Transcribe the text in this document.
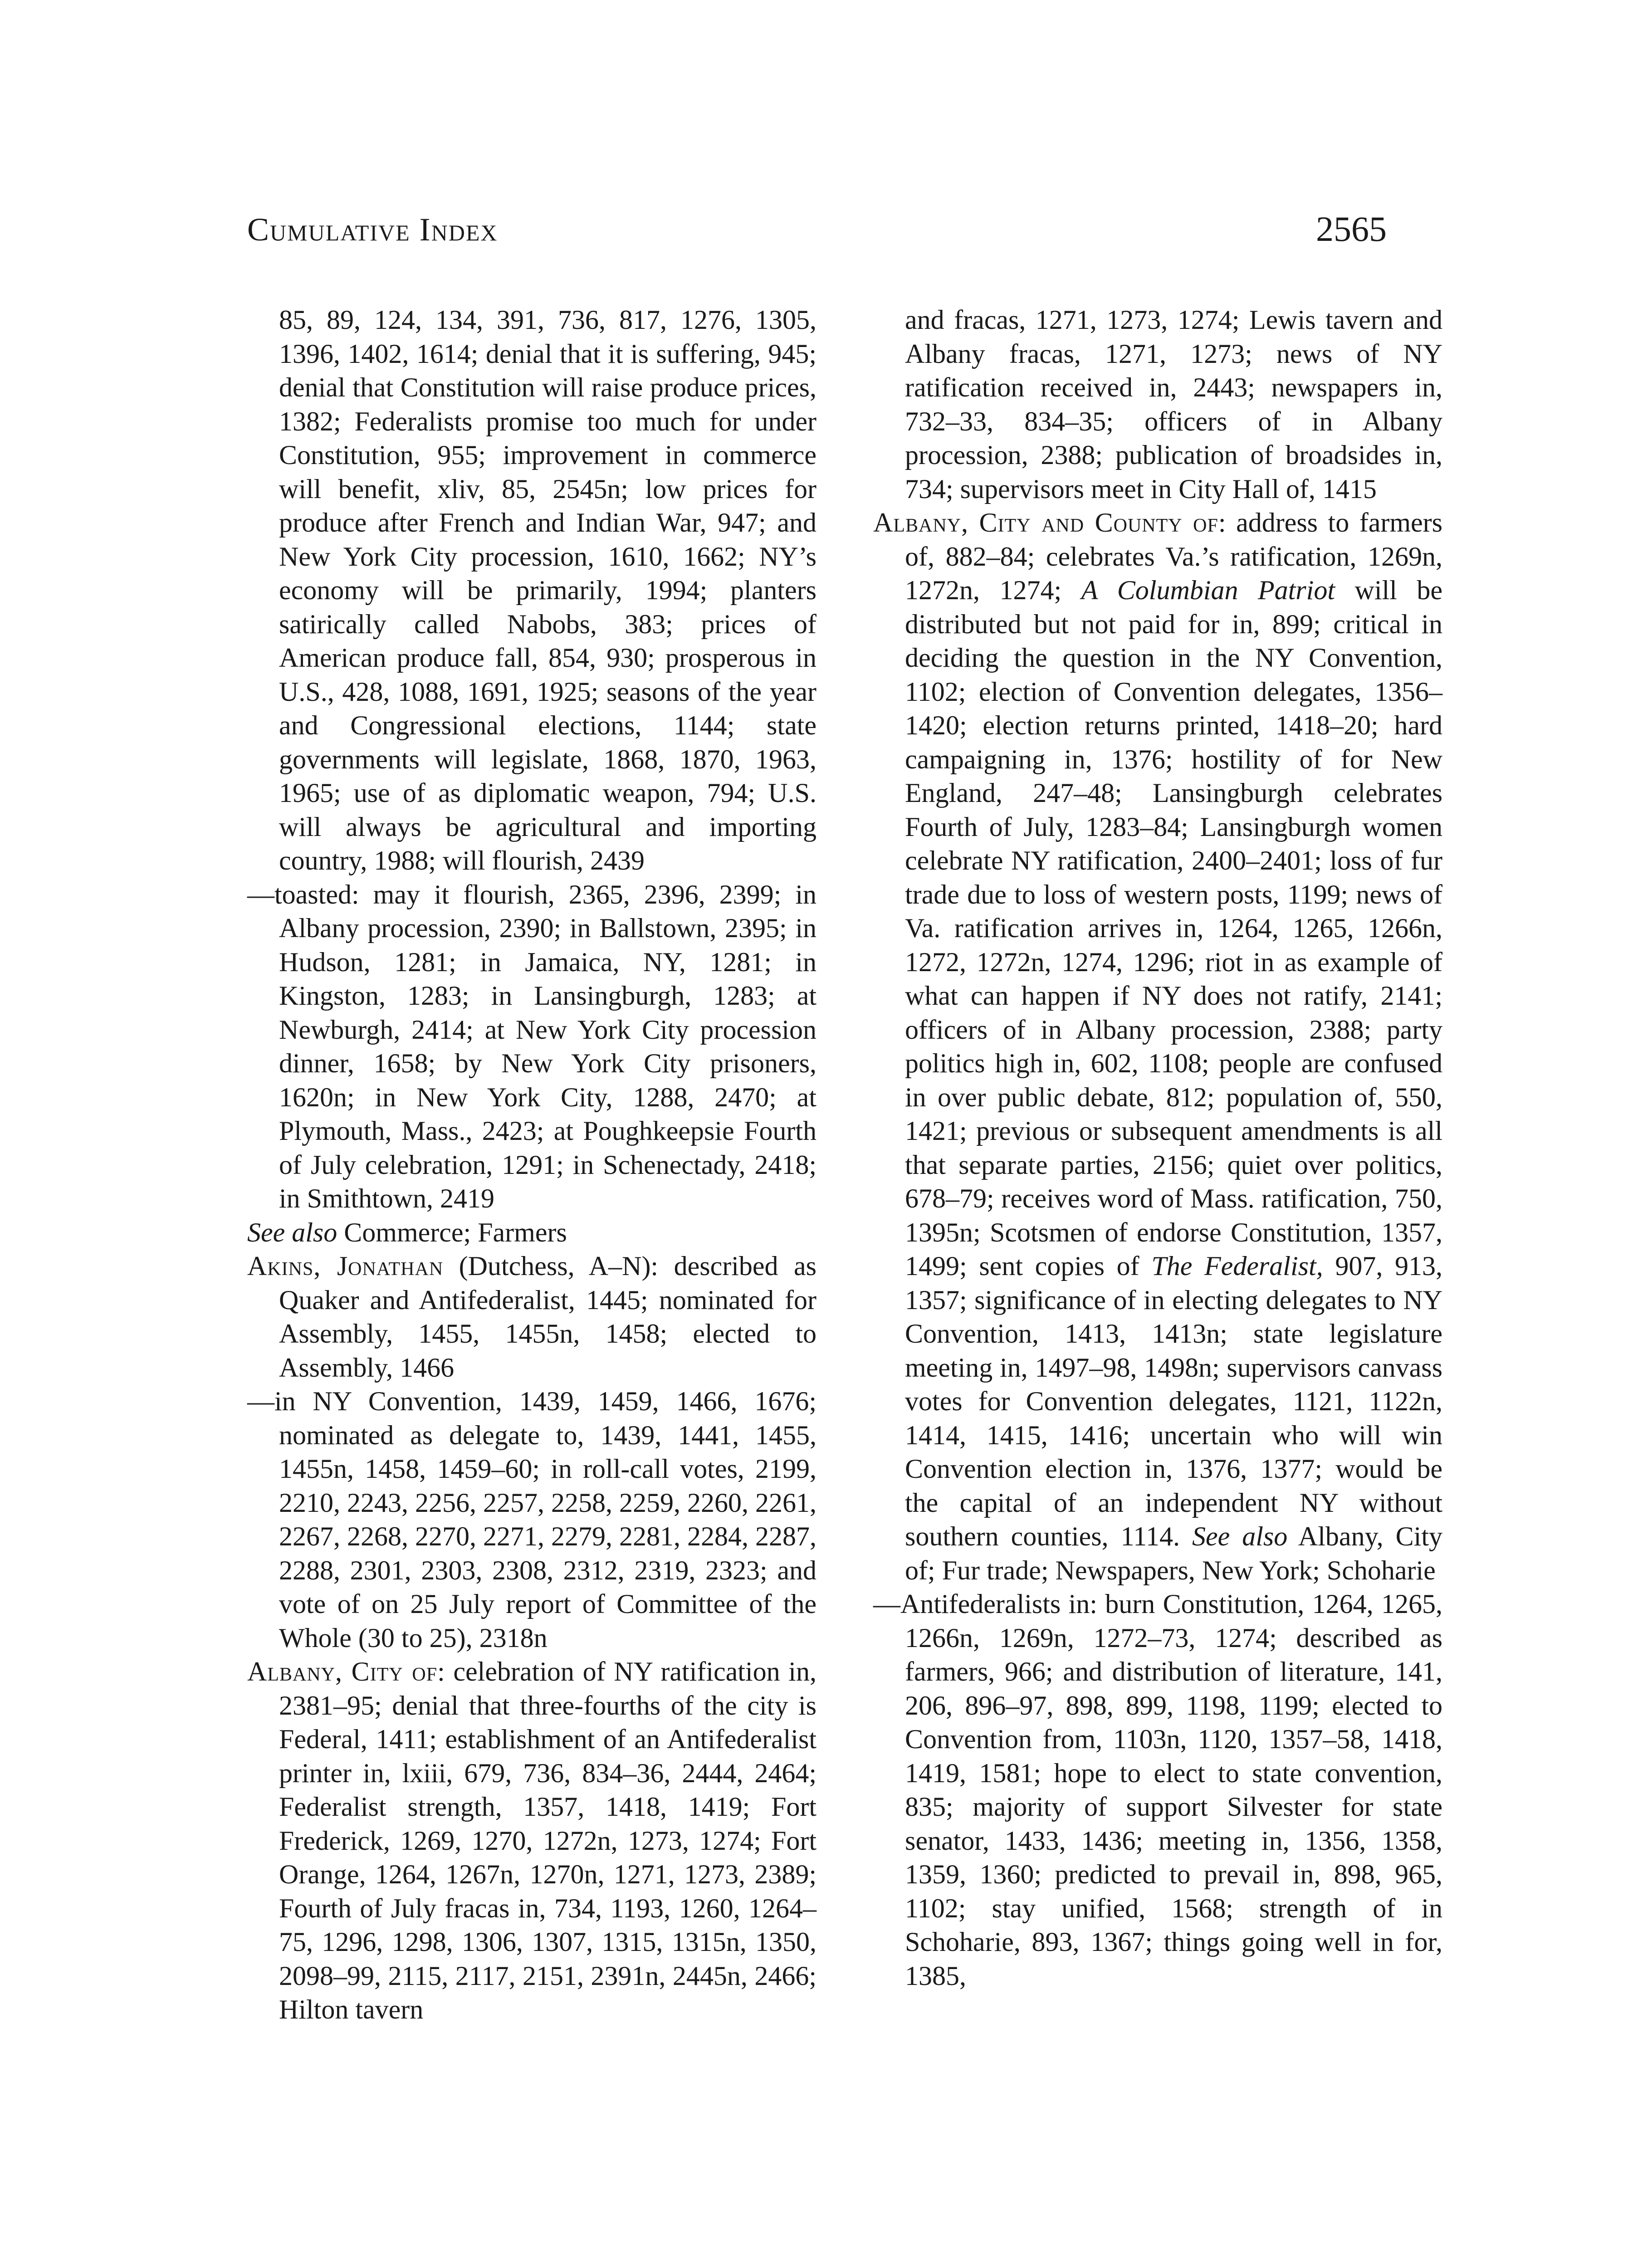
Cumulative Index	2565

85, 89, 124, 134, 391, 736, 817, 1276, 1305, 1396, 1402, 1614; denial that it is suffering, 945; denial that Constitution will raise produce prices, 1382; Federalists promise too much for under Constitution, 955; improvement in commerce will benefit, xliv, 85, 2545n; low prices for produce after French and Indian War, 947; and New York City procession, 1610, 1662; NY’s economy will be primarily, 1994; planters satirically called Nabobs, 383; prices of American produce fall, 854, 930; prosperous in U.S., 428, 1088, 1691, 1925; seasons of the year and Congressional elections, 1144; state governments will legislate, 1868, 1870, 1963, 1965; use of as diplomatic weapon, 794; U.S. will always be agricultural and importing country, 1988; will flourish, 2439

—toasted: may it flourish, 2365, 2396, 2399; in Albany procession, 2390; in Ballstown, 2395; in Hudson, 1281; in Jamaica, NY, 1281; in Kingston, 1283; in Lansingburgh, 1283; at Newburgh, 2414; at New York City procession dinner, 1658; by New York City prisoners, 1620n; in New York City, 1288, 2470; at Plymouth, Mass., 2423; at Poughkeepsie Fourth of July celebration, 1291; in Schenectady, 2418; in Smithtown, 2419

See also Commerce; Farmers

Akins, Jonathan (Dutchess, A–N): described as Quaker and Antifederalist, 1445; nominated for Assembly, 1455, 1455n, 1458; elected to Assembly, 1466

—in NY Convention, 1439, 1459, 1466, 1676; nominated as delegate to, 1439, 1441, 1455, 1455n, 1458, 1459–60; in roll-call votes, 2199, 2210, 2243, 2256, 2257, 2258, 2259, 2260, 2261, 2267, 2268, 2270, 2271, 2279, 2281, 2284, 2287, 2288, 2301, 2303, 2308, 2312, 2319, 2323; and vote of on 25 July report of Committee of the Whole (30 to 25), 2318n

Albany, City of: celebration of NY ratification in, 2381–95; denial that three-fourths of the city is Federal, 1411; establishment of an Antifederalist printer in, lxiii, 679, 736, 834–36, 2444, 2464; Federalist strength, 1357, 1418, 1419; Fort Frederick, 1269, 1270, 1272n, 1273, 1274; Fort Orange, 1264, 1267n, 1270n, 1271, 1273, 2389; Fourth of July fracas in, 734, 1193, 1260, 1264–75, 1296, 1298, 1306, 1307, 1315, 1315n, 1350, 2098–99, 2115, 2117, 2151, 2391n, 2445n, 2466; Hilton tavern

and fracas, 1271, 1273, 1274; Lewis tavern and Albany fracas, 1271, 1273; news of NY ratification received in, 2443; newspapers in, 732–33, 834–35; officers of in Albany procession, 2388; publication of broadsides in, 734; supervisors meet in City Hall of, 1415

Albany, City and County of: address to farmers of, 882–84; celebrates Va.’s ratification, 1269n, 1272n, 1274; A Columbian Patriot will be distributed but not paid for in, 899; critical in deciding the question in the NY Convention, 1102; election of Convention delegates, 1356–1420; election returns printed, 1418–20; hard campaigning in, 1376; hostility of for New England, 247–48; Lansingburgh celebrates Fourth of July, 1283–84; Lansingburgh women celebrate NY ratification, 2400–2401; loss of fur trade due to loss of western posts, 1199; news of Va. ratification arrives in, 1264, 1265, 1266n, 1272, 1272n, 1274, 1296; riot in as example of what can happen if NY does not ratify, 2141; officers of in Albany procession, 2388; party politics high in, 602, 1108; people are confused in over public debate, 812; population of, 550, 1421; previous or subsequent amendments is all that separate parties, 2156; quiet over politics, 678–79; receives word of Mass. ratification, 750, 1395n; Scotsmen of endorse Constitution, 1357, 1499; sent copies of The Federalist, 907, 913, 1357; significance of in electing delegates to NY Convention, 1413, 1413n; state legislature meeting in, 1497–98, 1498n; supervisors canvass votes for Convention delegates, 1121, 1122n, 1414, 1415, 1416; uncertain who will win Convention election in, 1376, 1377; would be the capital of an independent NY without southern counties, 1114. See also Albany, City of; Fur trade; Newspapers, New York; Schoharie

—Antifederalists in: burn Constitution, 1264, 1265, 1266n, 1269n, 1272–73, 1274; described as farmers, 966; and distribution of literature, 141, 206, 896–97, 898, 899, 1198, 1199; elected to Convention from, 1103n, 1120, 1357–58, 1418, 1419, 1581; hope to elect to state convention, 835; majority of support Silvester for state senator, 1433, 1436; meeting in, 1356, 1358, 1359, 1360; predicted to prevail in, 898, 965, 1102; stay unified, 1568; strength of in Schoharie, 893, 1367; things going well in for, 1385,
